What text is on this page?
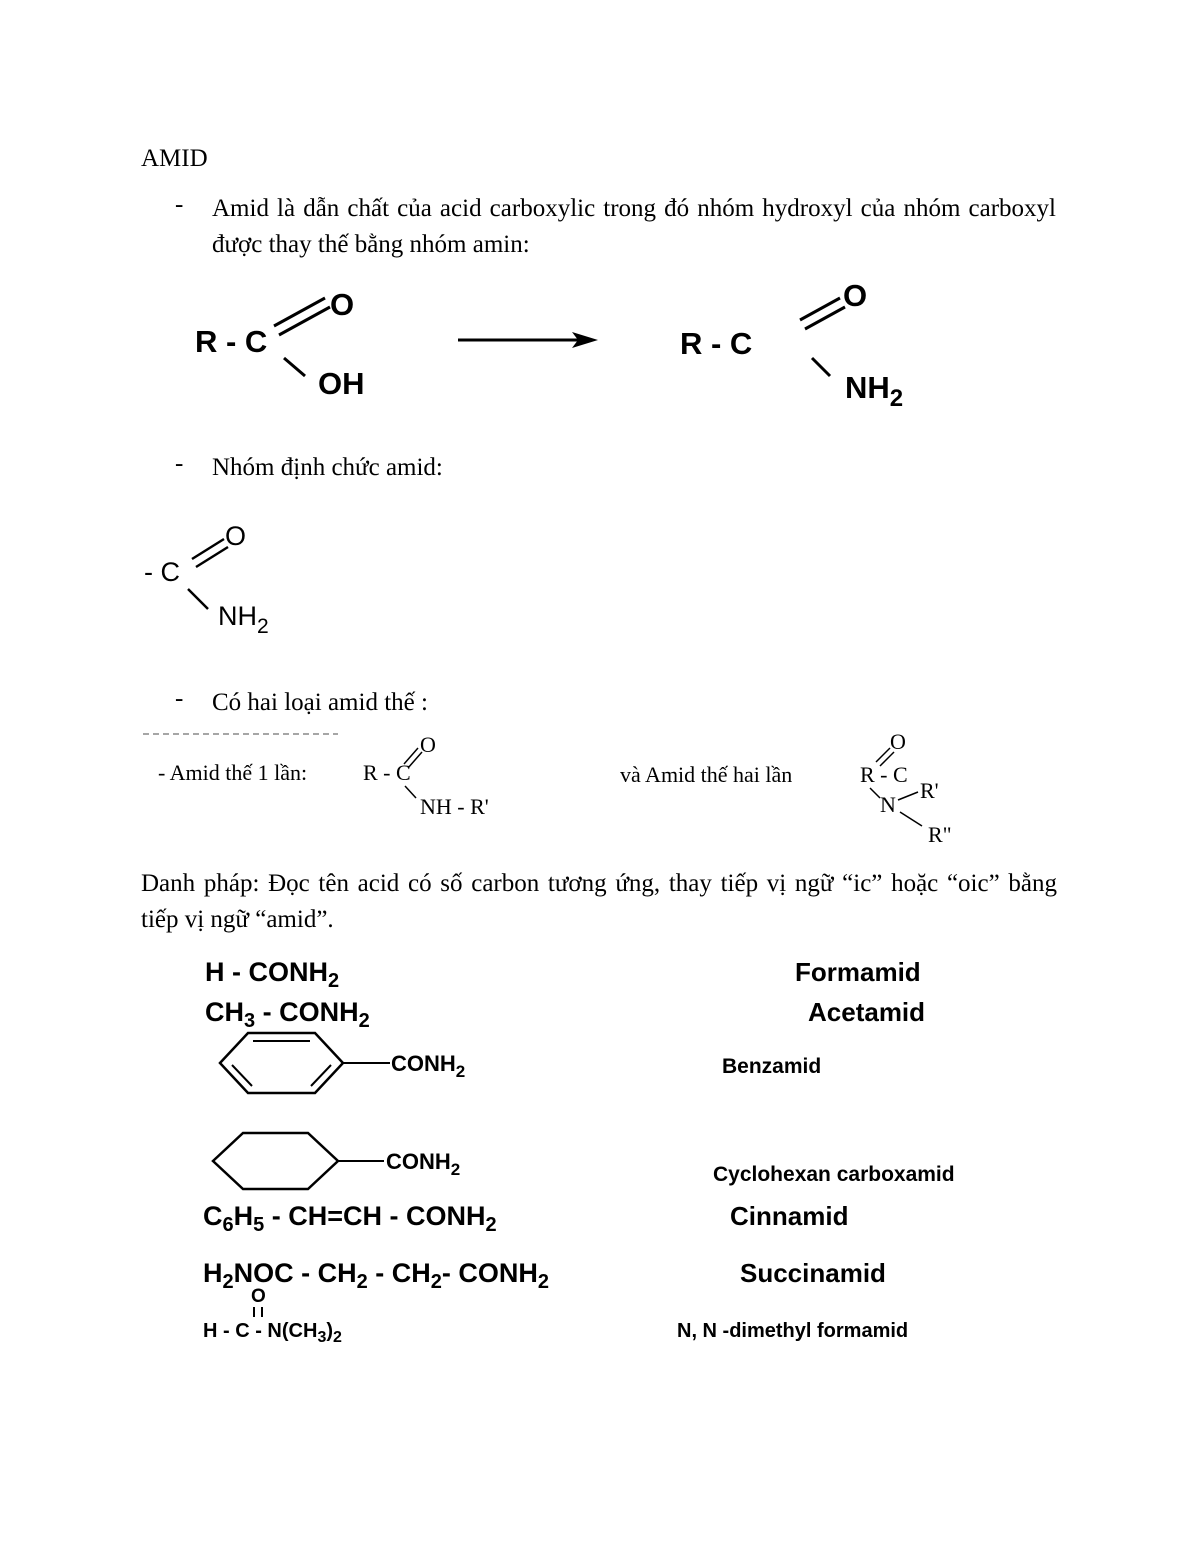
AMID
- Amid là dẫn chất của acid carboxylic trong đó nhóm hydroxyl của nhóm carboxyl được thay thế bằng nhóm amin:
R - C
O
OH
R - C
O
$NH_2$
- Nhóm định chức amid:
- C
O
$NH_2$
- Có hai loại amid thế :
- Amid thế 1 lần:	R - C
O
NH - R'
và Amid thế hai lần	R - C
O
N
R'
R"
Danh pháp: Đọc tên acid có số carbon tương ứng, thay tiếp vị ngữ “ic” hoặc “oic” bằng tiếp vị ngữ “amid”.
H - $CONH_2$	Formamid
$CH_3$ - $CONH_2$	Acetamid
$CONH_2$	Benzamid
$CONH_2$	Cyclohexan carboxamid
$C_6H_5 - CH=CH$ - $CONH_2$	Cinnamid
$H_2NOC - CH_2 - CH_2-$ $CONH_2$	Succinamid
O
H - C - $N(CH_3)_2$	N, N -dimethyl formamid
